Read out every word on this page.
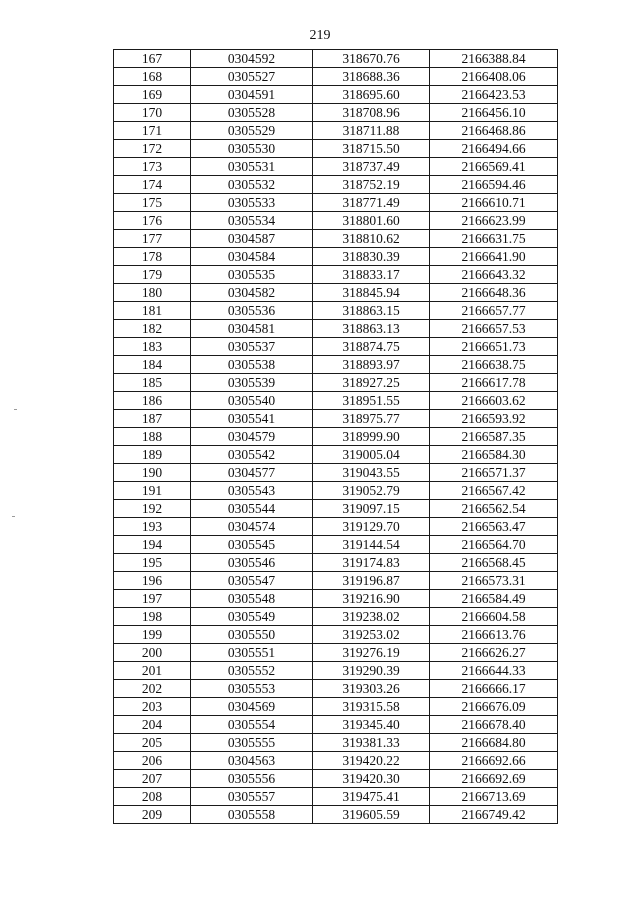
219
167	0304592	318670.76	2166388.84
168	0305527	318688.36	2166408.06
169	0304591	318695.60	2166423.53
170	0305528	318708.96	2166456.10
171	0305529	318711.88	2166468.86
172	0305530	318715.50	2166494.66
173	0305531	318737.49	2166569.41
174	0305532	318752.19	2166594.46
175	0305533	318771.49	2166610.71
176	0305534	318801.60	2166623.99
177	0304587	318810.62	2166631.75
178	0304584	318830.39	2166641.90
179	0305535	318833.17	2166643.32
180	0304582	318845.94	2166648.36
181	0305536	318863.15	2166657.77
182	0304581	318863.13	2166657.53
183	0305537	318874.75	2166651.73
184	0305538	318893.97	2166638.75
185	0305539	318927.25	2166617.78
186	0305540	318951.55	2166603.62
187	0305541	318975.77	2166593.92
188	0304579	318999.90	2166587.35
189	0305542	319005.04	2166584.30
190	0304577	319043.55	2166571.37
191	0305543	319052.79	2166567.42
192	0305544	319097.15	2166562.54
193	0304574	319129.70	2166563.47
194	0305545	319144.54	2166564.70
195	0305546	319174.83	2166568.45
196	0305547	319196.87	2166573.31
197	0305548	319216.90	2166584.49
198	0305549	319238.02	2166604.58
199	0305550	319253.02	2166613.76
200	0305551	319276.19	2166626.27
201	0305552	319290.39	2166644.33
202	0305553	319303.26	2166666.17
203	0304569	319315.58	2166676.09
204	0305554	319345.40	2166678.40
205	0305555	319381.33	2166684.80
206	0304563	319420.22	2166692.66
207	0305556	319420.30	2166692.69
208	0305557	319475.41	2166713.69
209	0305558	319605.59	2166749.42
